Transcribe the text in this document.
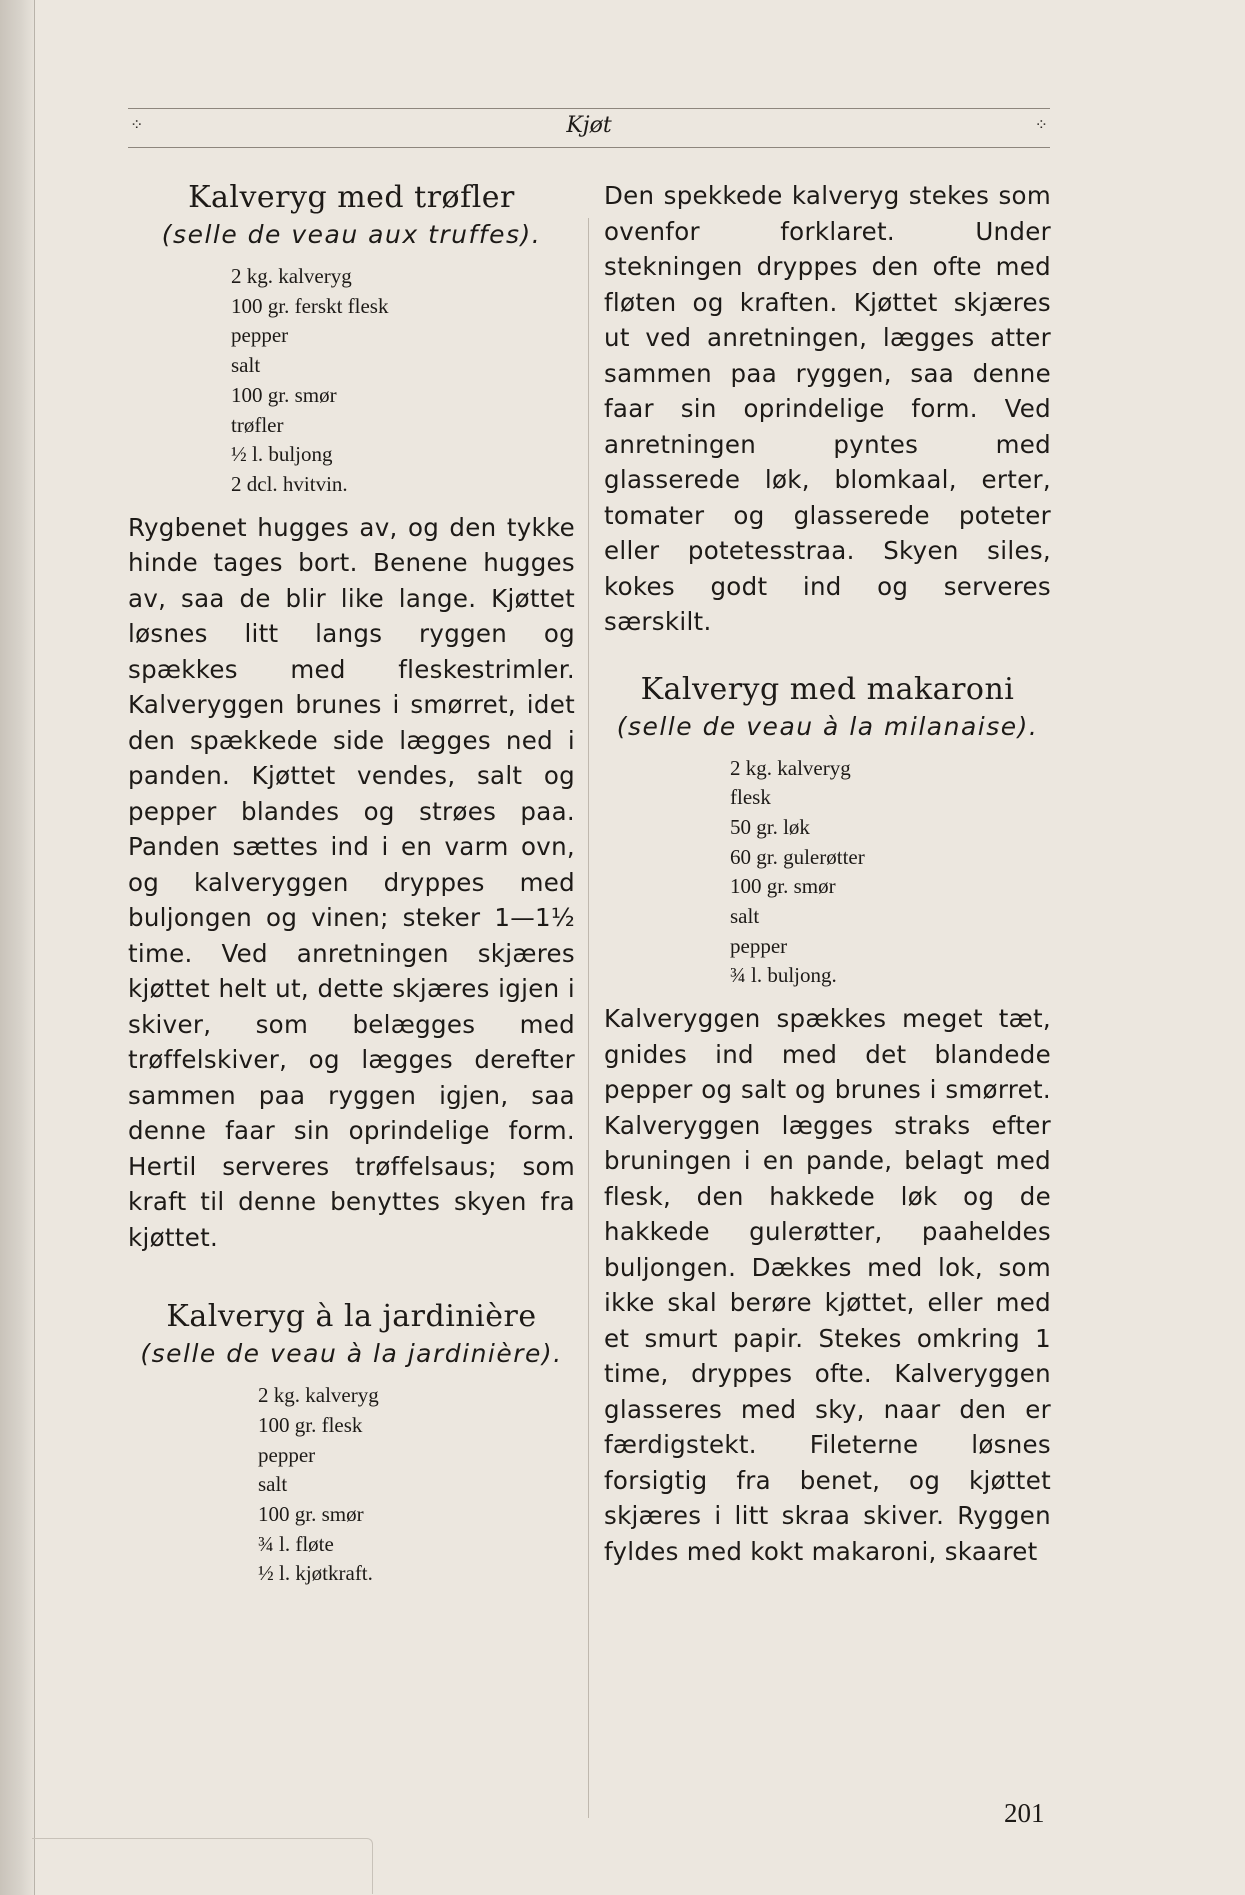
⁘	Kjøt	⁘
Kalveryg med trøfler

(selle de veau aux truffes).

2 kg. kalveryg
100 gr. ferskt flesk
pepper
salt
100 gr. smør
trøfler
½ l. buljong
2 dcl. hvitvin.

Rygbenet hugges av, og den tykke hinde tages bort. Benene hugges av, saa de blir like lange. Kjøttet løsnes litt langs ryggen og spækkes med fleskestrimler. Kalveryggen brunes i smørret, idet den spækkede side lægges ned i panden. Kjøttet vendes, salt og pepper blandes og strøes paa. Panden sættes ind i en varm ovn, og kalveryggen dryppes med buljongen og vinen; steker 1—1½ time. Ved anretningen skjæres kjøttet helt ut, dette skjæres igjen i skiver, som belægges med trøffelskiver, og lægges derefter sammen paa ryggen igjen, saa denne faar sin oprindelige form. Hertil serveres trøffelsaus; som kraft til denne benyttes skyen fra kjøttet.

Kalveryg à la jardinière

(selle de veau à la jardinière).

2 kg. kalveryg
100 gr. flesk
pepper
salt
100 gr. smør
¾ l. fløte
½ l. kjøtkraft.

Den spekkede kalveryg stekes som ovenfor forklaret. Under stekningen dryppes den ofte med fløten og kraften. Kjøttet skjæres ut ved anretningen, lægges atter sammen paa ryggen, saa denne faar sin oprindelige form. Ved anretningen pyntes med glasserede løk, blomkaal, erter, tomater og glasserede poteter eller potetesstraa. Skyen siles, kokes godt ind og serveres særskilt.

Kalveryg med makaroni

(selle de veau à la milanaise).

2 kg. kalveryg
flesk
50 gr. løk
60 gr. gulerøtter
100 gr. smør
salt
pepper
¾ l. buljong.

Kalveryggen spækkes meget tæt, gnides ind med det blandede pepper og salt og brunes i smørret. Kalveryggen lægges straks efter bruningen i en pande, belagt med flesk, den hakkede løk og de hakkede gulerøtter, paaheldes buljongen. Dækkes med lok, som ikke skal berøre kjøttet, eller med et smurt papir. Stekes omkring 1 time, dryppes ofte. Kalveryggen glasseres med sky, naar den er færdigstekt. Fileterne løsnes forsigtig fra benet, og kjøttet skjæres i litt skraa skiver. Ryggen fyldes med kokt makaroni, skaaret

201
